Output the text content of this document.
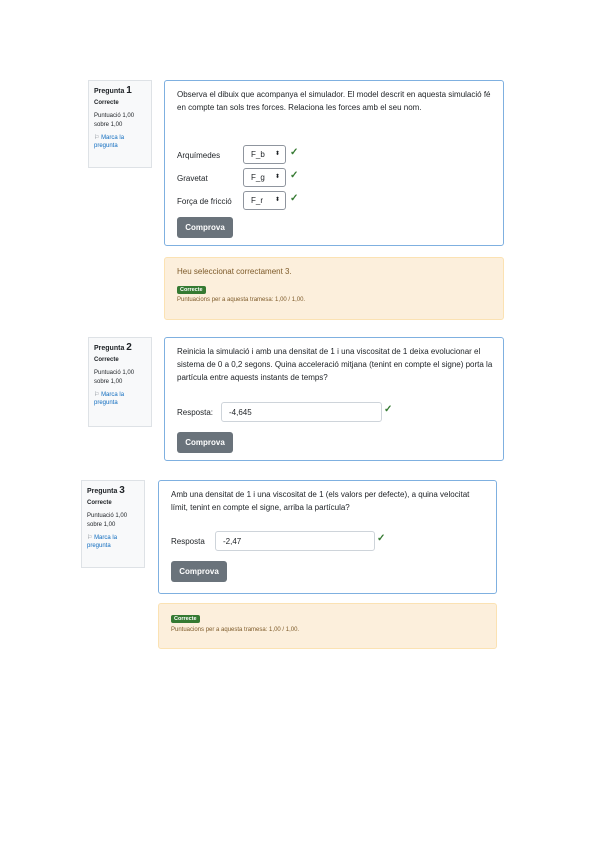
Pregunta 1
Correcte
Puntuació 1,00 sobre 1,00
⚐ Marca la pregunta
Observa el dibuix que acompanya el simulador. El model descrit en aquesta simulació fé en compte tan sols tres forces. Relaciona les forces amb el seu nom.
Arquímedes	F_b ⬍ ✓
Gravetat	F_g ⬍ ✓
Força de fricció F_r ⬍ ✓
Comprova
Heu seleccionat correctament 3.
Correcte
Puntuacions per a aquesta tramesa: 1,00 / 1,00.
Pregunta 2
Correcte
Puntuació 1,00 sobre 1,00
⚐ Marca la pregunta
Reinicia la simulació i amb una densitat de 1 i una viscositat de 1 deixa evolucionar el sistema de 0 a 0,2 segons. Quina acceleració mitjana (tenint en compte el signe) porta la partícula entre aquests instants de temps?
Resposta: -4,645	✓
Comprova
Pregunta 3
Correcte
Puntuació 1,00 sobre 1,00
⚐ Marca la pregunta
Amb una densitat de 1 i una viscositat de 1 (els valors per defecte), a quina velocitat límit, tenint en compte el signe, arriba la partícula?
Resposta -2,47	✓
Comprova
Correcte
Puntuacions per a aquesta tramesa: 1,00 / 1,00.
